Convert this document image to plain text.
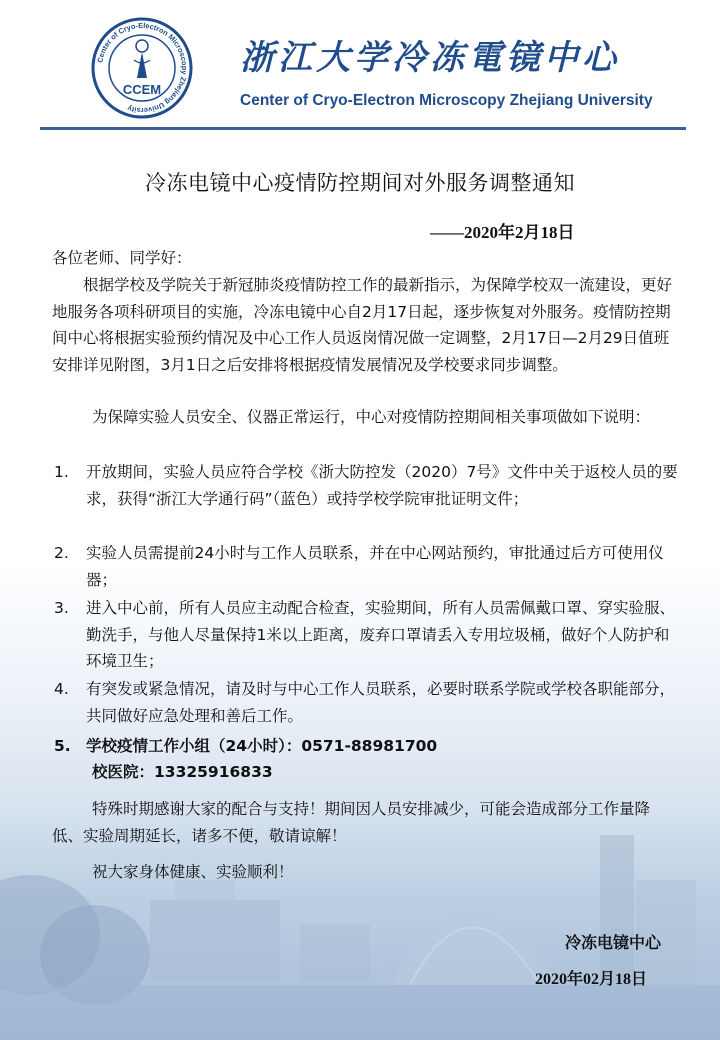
Center of Cryo-Electron Microscopy Zhejiang University
CCEM
浙江大学冷冻電镜中心

Center of Cryo-Electron Microscopy Zhejiang University

冷冻电镜中心疫情防控期间对外服务调整通知

——2020年2月18日

各位老师、同学好：

根据学校及学院关于新冠肺炎疫情防控工作的最新指示，为保障学校双一流建设，更好地服务各项科研项目的实施，冷冻电镜中心自2月17日起，逐步恢复对外服务。疫情防控期间中心将根据实验预约情况及中心工作人员返岗情况做一定调整，2月17日—2月29日值班安排详见附图，3月1日之后安排将根据疫情发展情况及学校要求同步调整。

为保障实验人员安全、仪器正常运行，中心对疫情防控期间相关事项做如下说明：

1.	开放期间，实验人员应符合学校《浙大防控发（2020）7号》文件中关于返校人员的要求，获得“浙江大学通行码”（蓝色）或持学校学院审批证明文件；

2.	实验人员需提前24小时与工作人员联系，并在中心网站预约，审批通过后方可使用仪器；

3.	进入中心前，所有人员应主动配合检查，实验期间，所有人员需佩戴口罩、穿实验服、勤洗手，与他人尽量保持1米以上距离，废弃口罩请丢入专用垃圾桶，做好个人防护和环境卫生；

4.	有突发或紧急情况，请及时与中心工作人员联系，必要时联系学院或学校各职能部分，共同做好应急处理和善后工作。

5. 学校疫情工作小组（24小时）：0571-88981700

校医院：13325916833

特殊时期感谢大家的配合与支持！期间因人员安排减少，可能会造成部分工作量降低、实验周期延长，诸多不便，敬请谅解！

祝大家身体健康、实验顺利！

冷冻电镜中心

2020年02月18日
